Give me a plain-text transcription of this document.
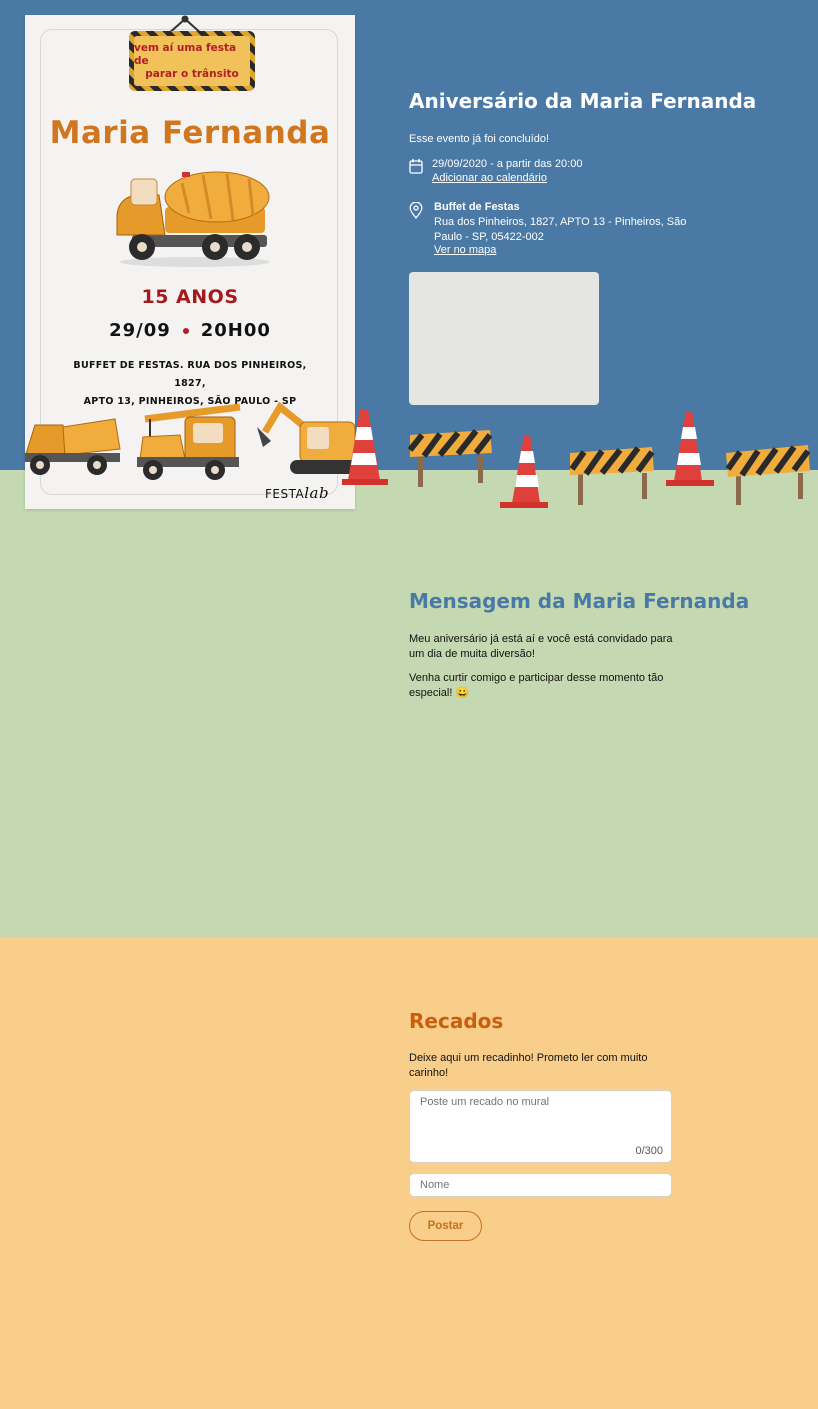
vem aí uma festa de
parar o trânsito
Maria Fernanda
15 ANOS
29/09 20H00
BUFFET DE FESTAS. RUA DOS PINHEIROS, 1827,
APTO 13, PINHEIROS, SÃO PAULO - SP
FESTAlab
Aniversário da Maria Fernanda
Esse evento já foi concluído!
29/09/2020 - a partir das 20:00
Adicionar ao calendário
Buffet de Festas
Rua dos Pinheiros, 1827, APTO 13 - Pinheiros, São Paulo - SP, 05422-002
Ver no mapa
Mensagem da Maria Fernanda

Meu aniversário já está aí e você está convidado para um dia de muita diversão!

Venha curtir comigo e participar desse momento tão especial! 😀

Recados

Deixe aqui um recadinho! Prometo ler com muito carinho!

Poste um recado no mural
0/300
Nome
Postar
